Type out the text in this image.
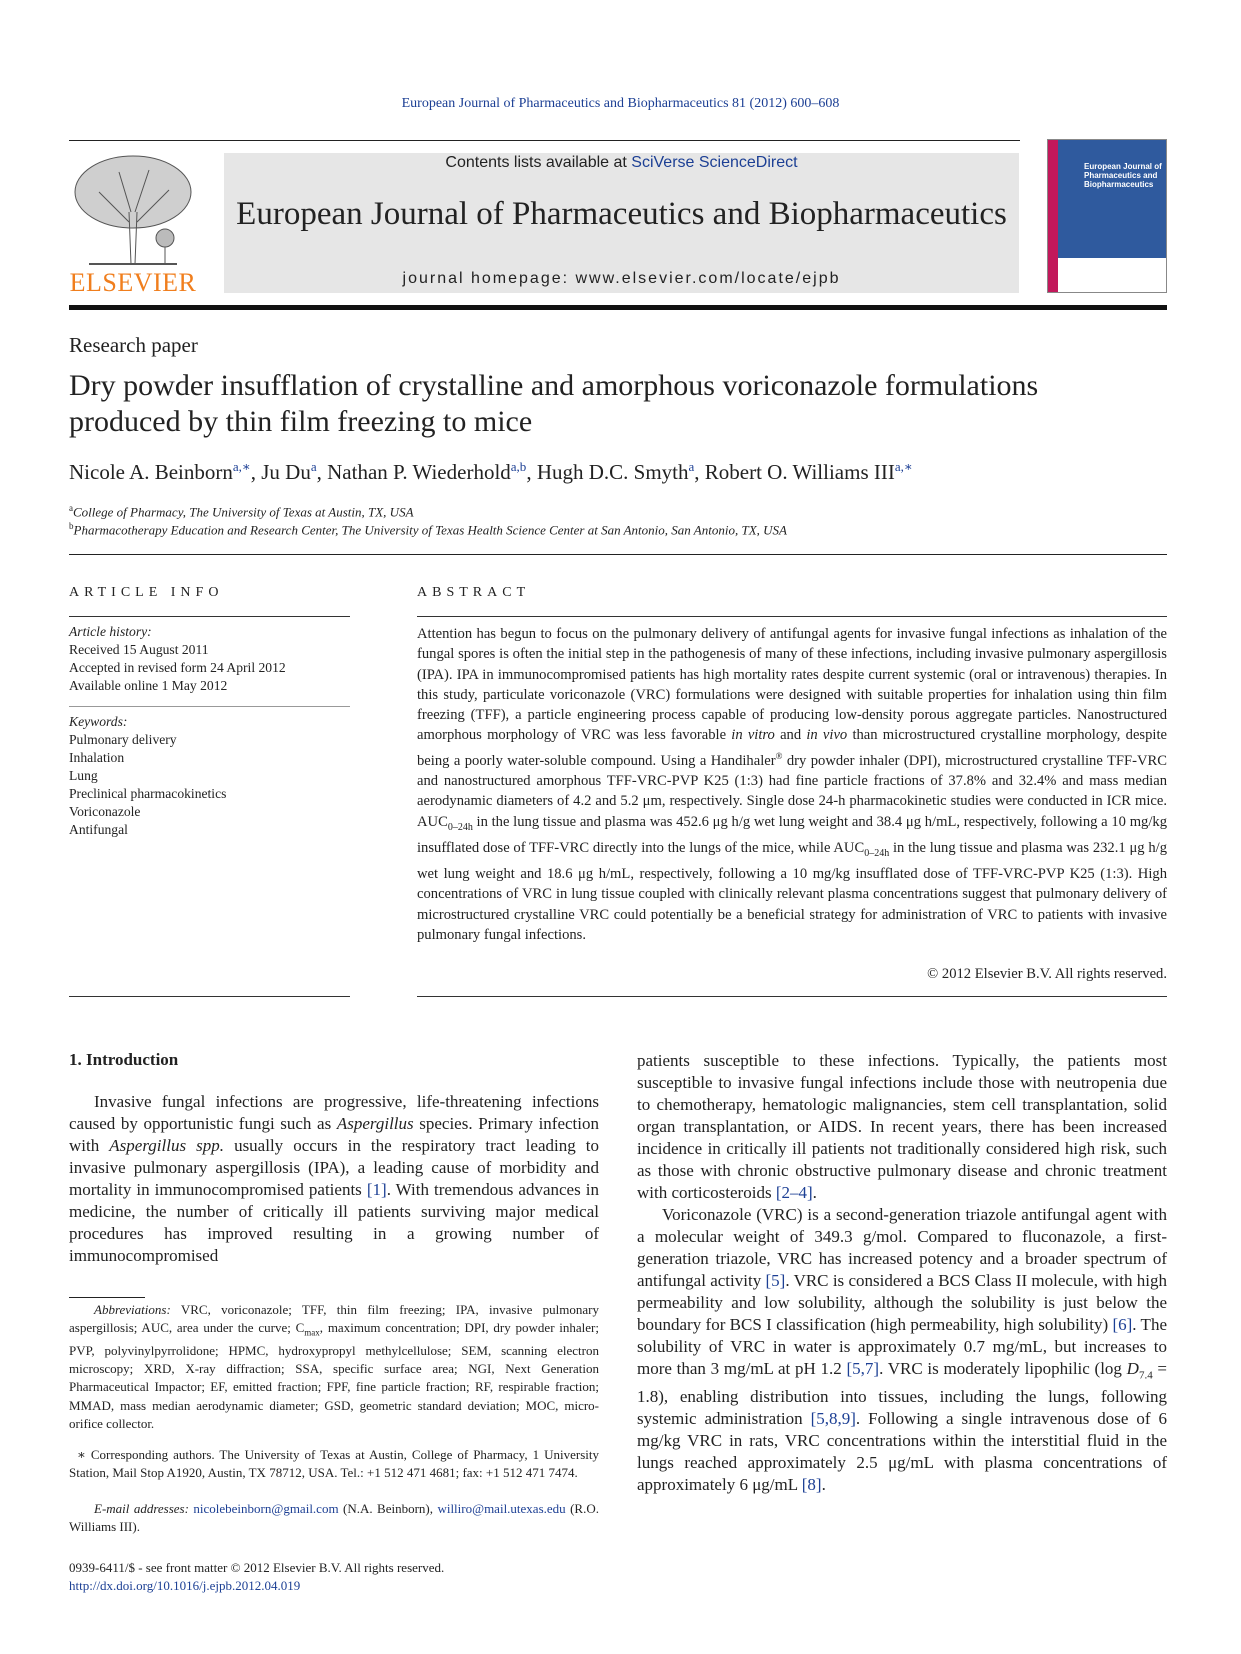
European Journal of Pharmaceutics and Biopharmaceutics 81 (2012) 600–608
ELSEVIER
Contents lists available at SciVerse ScienceDirect
European Journal of Pharmaceutics and Biopharmaceutics
journal homepage: www.elsevier.com/locate/ejpb
European Journal of Pharmaceutics and Biopharmaceutics
Research paper
Dry powder insufflation of crystalline and amorphous voriconazole formulations produced by thin film freezing to mice
Nicole A. Beinborn$^{a,∗}$, Ju Du$^a$, Nathan P. Wiederhold$^{a,b}$, Hugh D.C. Smyth$^a$, Robert O. Williams $III^{a,∗}$
$^a$College of Pharmacy, The University of Texas at Austin, TX, USA
$^b$Pharmacotherapy Education and Research Center, The University of Texas Health Science Center at San Antonio, San Antonio, TX, USA
ARTICLE INFO
Article history:
Received 15 August 2011
Accepted in revised form 24 April 2012
Available online 1 May 2012
Keywords:
Pulmonary delivery
Inhalation
Lung
Preclinical pharmacokinetics
Voriconazole
Antifungal
ABSTRACT
Attention has begun to focus on the pulmonary delivery of antifungal agents for invasive fungal infections as inhalation of the fungal spores is often the initial step in the pathogenesis of many of these infections, including invasive pulmonary aspergillosis (IPA). IPA in immunocompromised patients has high mortality rates despite current systemic (oral or intravenous) therapies. In this study, particulate voriconazole (VRC) formulations were designed with suitable properties for inhalation using thin film freezing (TFF), a particle engineering process capable of producing low-density porous aggregate particles. Nanostructured amorphous morphology of VRC was less favorable in vitro and in vivo than microstructured crystalline morphology, despite being a poorly water-soluble compound. Using a Handihaler® dry powder inhaler (DPI), microstructured crystalline TFF-VRC and nanostructured amorphous TFF-VRC-PVP K25 (1:3) had fine particle fractions of 37.8% and 32.4% and mass median aerodynamic diameters of 4.2 and 5.2 μm, respectively. Single dose 24-h pharmacokinetic studies were conducted in ICR mice. $AUC_{0-24h}$ in the lung tissue and plasma was 452.6 μg h/g wet lung weight and 38.4 μg h/mL, respectively, following a 10 mg/kg insufflated dose of TFF-VRC directly into the lungs of the mice, while $AUC_{0-24h}$ in the lung tissue and plasma was 232.1 μg h/g wet lung weight and 18.6 μg h/mL, respectively, following a 10 mg/kg insufflated dose of TFF-VRC-PVP K25 (1:3). High concentrations of VRC in lung tissue coupled with clinically relevant plasma concentrations suggest that pulmonary delivery of microstructured crystalline VRC could potentially be a beneficial strategy for administration of VRC to patients with invasive pulmonary fungal infections.
© 2012 Elsevier B.V. All rights reserved.
1. Introduction

Invasive fungal infections are progressive, life-threatening infections caused by opportunistic fungi such as Aspergillus species. Primary infection with Aspergillus spp. usually occurs in the respiratory tract leading to invasive pulmonary aspergillosis (IPA), a leading cause of morbidity and mortality in immunocompromised patients [1]. With tremendous advances in medicine, the number of critically ill patients surviving major medical procedures has improved resulting in a growing number of immunocompromised

Abbreviations: VRC, voriconazole; TFF, thin film freezing; IPA, invasive pulmonary aspergillosis; AUC, area under the curve; $C_{max}$, maximum concentration; DPI, dry powder inhaler; PVP, polyvinylpyrrolidone; HPMC, hydroxypropyl methylcellulose; SEM, scanning electron microscopy; XRD, X-ray diffraction; SSA, specific surface area; NGI, Next Generation Pharmaceutical Impactor; EF, emitted fraction; FPF, fine particle fraction; RF, respirable fraction; MMAD, mass median aerodynamic diameter; GSD, geometric standard deviation; MOC, micro-orifice collector.
∗ Corresponding authors. The University of Texas at Austin, College of Pharmacy, 1 University Station, Mail Stop A1920, Austin, TX 78712, USA. Tel.: +1 512 471 4681; fax: +1 512 471 7474.
E-mail addresses: nicolebeinborn@gmail.com (N.A. Beinborn), williro@mail.utexas.edu (R.O. Williams III).
0939-6411/$ - see front matter © 2012 Elsevier B.V. All rights reserved.
http://dx.doi.org/10.1016/j.ejpb.2012.04.019

patients susceptible to these infections. Typically, the patients most susceptible to invasive fungal infections include those with neutropenia due to chemotherapy, hematologic malignancies, stem cell transplantation, solid organ transplantation, or AIDS. In recent years, there has been increased incidence in critically ill patients not traditionally considered high risk, such as those with chronic obstructive pulmonary disease and chronic treatment with corticosteroids [2–4].

Voriconazole (VRC) is a second-generation triazole antifungal agent with a molecular weight of 349.3 g/mol. Compared to fluconazole, a first-generation triazole, VRC has increased potency and a broader spectrum of antifungal activity [5]. VRC is considered a BCS Class II molecule, with high permeability and low solubility, although the solubility is just below the boundary for BCS I classification (high permeability, high solubility) [6]. The solubility of VRC in water is approximately 0.7 mg/mL, but increases to more than 3 mg/mL at pH 1.2 [5,7]. VRC is moderately lipophilic (log $D_{7.4} = 1.8$), enabling distribution into tissues, including the lungs, following systemic administration [5,8,9]. Following a single intravenous dose of 6 mg/kg VRC in rats, VRC concentrations within the interstitial fluid in the lungs reached approximately 2.5 μg/mL with plasma concentrations of approximately 6 μg/mL [8].
